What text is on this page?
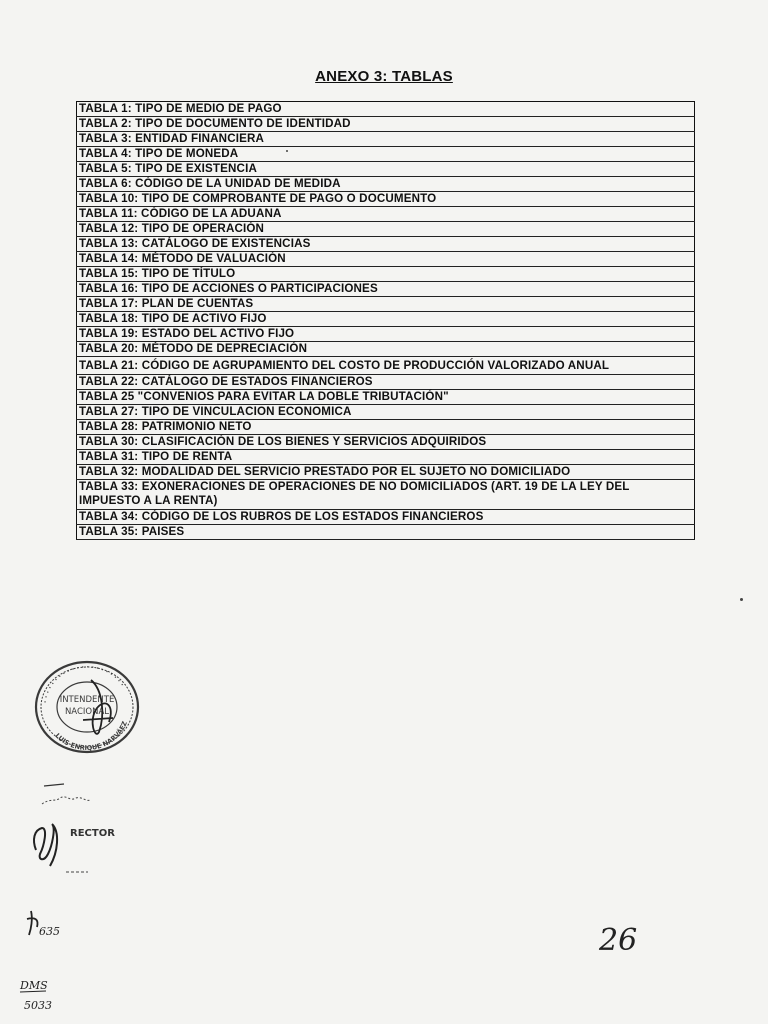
ANEXO 3: TABLAS
TABLA 1: TIPO DE MEDIO DE PAGO
TABLA 2: TIPO DE DOCUMENTO DE IDENTIDAD
TABLA 3: ENTIDAD FINANCIERA
TABLA 4: TIPO DE MONEDA
TABLA 5: TIPO DE EXISTENCIA
TABLA 6: CÓDIGO DE LA UNIDAD DE MEDIDA
TABLA 10: TIPO DE COMPROBANTE DE PAGO O DOCUMENTO
TABLA 11: CÓDIGO DE LA ADUANA
TABLA 12: TIPO DE OPERACIÓN
TABLA 13: CATÁLOGO DE EXISTENCIAS
TABLA 14: MÉTODO DE VALUACIÓN
TABLA 15: TIPO DE TÍTULO
TABLA 16: TIPO DE ACCIONES O PARTICIPACIONES
TABLA 17: PLAN DE CUENTAS
TABLA 18: TIPO DE ACTIVO FIJO
TABLA 19: ESTADO DEL ACTIVO FIJO
TABLA 20: MÉTODO DE DEPRECIACIÓN
TABLA 21: CÓDIGO DE AGRUPAMIENTO DEL COSTO DE PRODUCCIÓN VALORIZADO ANUAL
TABLA 22: CATÁLOGO DE ESTADOS FINANCIEROS
TABLA 25 "CONVENIOS PARA EVITAR LA DOBLE TRIBUTACIÓN"
TABLA 27: TIPO DE VINCULACION ECONOMICA
TABLA 28: PATRIMONIO NETO
TABLA 30: CLASIFICACIÓN DE LOS BIENES Y SERVICIOS ADQUIRIDOS
TABLA 31: TIPO DE RENTA
TABLA 32: MODALIDAD DEL SERVICIO PRESTADO POR EL SUJETO NO DOMICILIADO
TABLA 33: EXONERACIONES DE OPERACIONES DE NO DOMICILIADOS (ART. 19 DE LA LEY DEL IMPUESTO A LA RENTA)
TABLA 34: CÓDIGO DE LOS RUBROS DE LOS ESTADOS FINANCIEROS
TABLA 35: PAISES
· · · · · · · · · · · · · · · · · · · · ·
LUIS ENRIQUE NARVÁEZ
INTENDENTE
NACIONAL
RECTOR
635
DMS
5033
26
